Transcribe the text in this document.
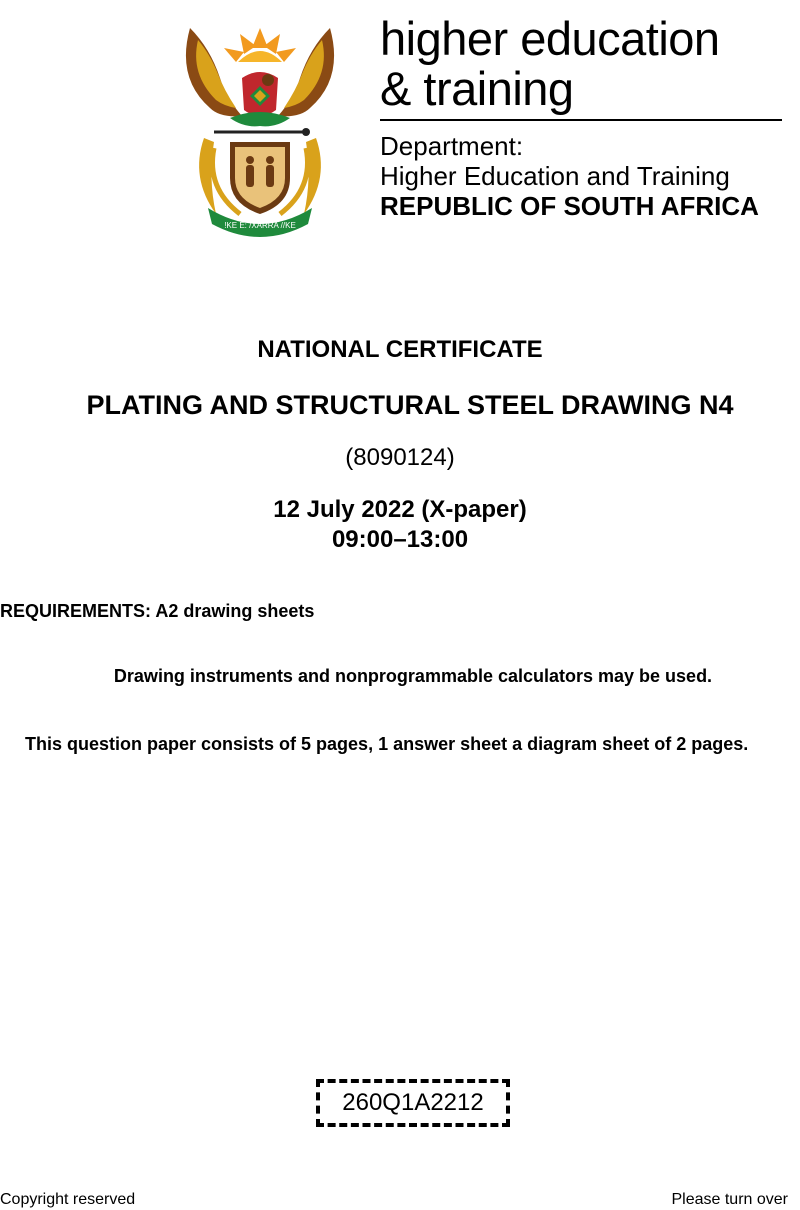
!KE E: /XARRA //KE
higher education
& training
Department:
Higher Education and Training
REPUBLIC OF SOUTH AFRICA
NATIONAL CERTIFICATE
PLATING AND STRUCTURAL STEEL DRAWING N4
(8090124)
12 July 2022 (X-paper)
09:00–13:00
REQUIREMENTS: A2 drawing sheets
Drawing instruments and nonprogrammable calculators may be used.
This question paper consists of 5 pages, 1 answer sheet a diagram sheet of 2 pages.
260Q1A2212
Copyright reserved	Please turn over
